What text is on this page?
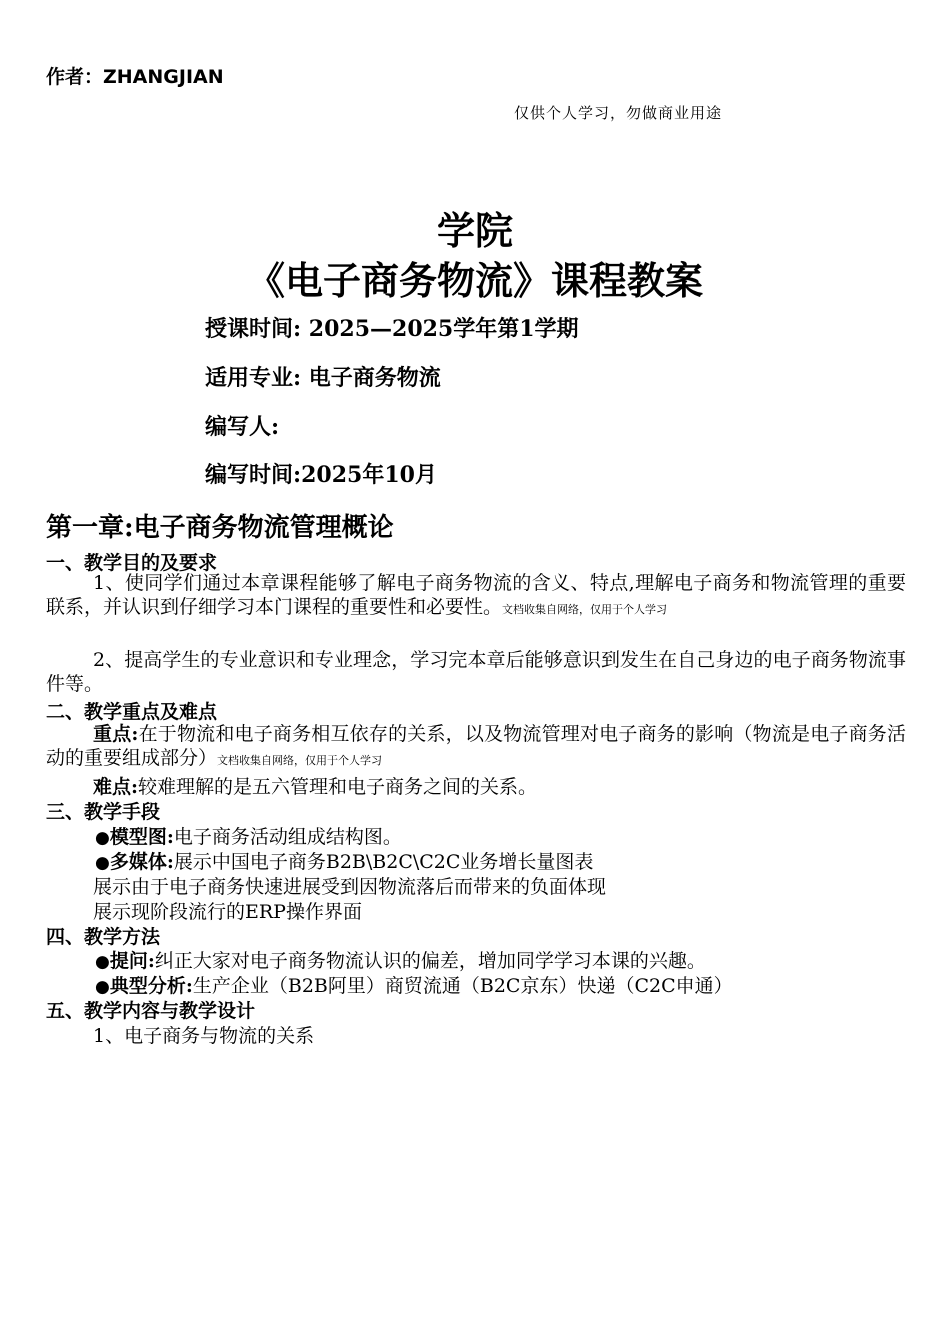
作者：ZHANGJIAN
仅供个人学习，勿做商业用途
学院
《电子商务物流》课程教案
授课时间: 2025—2025学年第1学期
适用专业: 电子商务物流
编写人:
编写时间:2025年10月
第一章:电子商务物流管理概论
一、教学目的及要求
1、使同学们通过本章课程能够了解电子商务物流的含义、特点,理解电子商务和物流管理的重要联系，并认识到仔细学习本门课程的重要性和必要性。文档收集自网络，仅用于个人学习
2、提高学生的专业意识和专业理念，学习完本章后能够意识到发生在自己身边的电子商务物流事件等。
二、教学重点及难点
重点:在于物流和电子商务相互依存的关系，以及物流管理对电子商务的影响（物流是电子商务活动的重要组成部分）文档收集自网络，仅用于个人学习
难点:较难理解的是五六管理和电子商务之间的关系。
三、教学手段
●模型图:电子商务活动组成结构图。
●多媒体:展示中国电子商务B2B\B2C\C2C业务增长量图表
展示由于电子商务快速进展受到因物流落后而带来的负面体现
展示现阶段流行的ERP操作界面
四、教学方法
●提问:纠正大家对电子商务物流认识的偏差，增加同学学习本课的兴趣。
●典型分析:生产企业（B2B阿里）商贸流通（B2C京东）快递（C2C申通）
五、教学内容与教学设计
1、电子商务与物流的关系
